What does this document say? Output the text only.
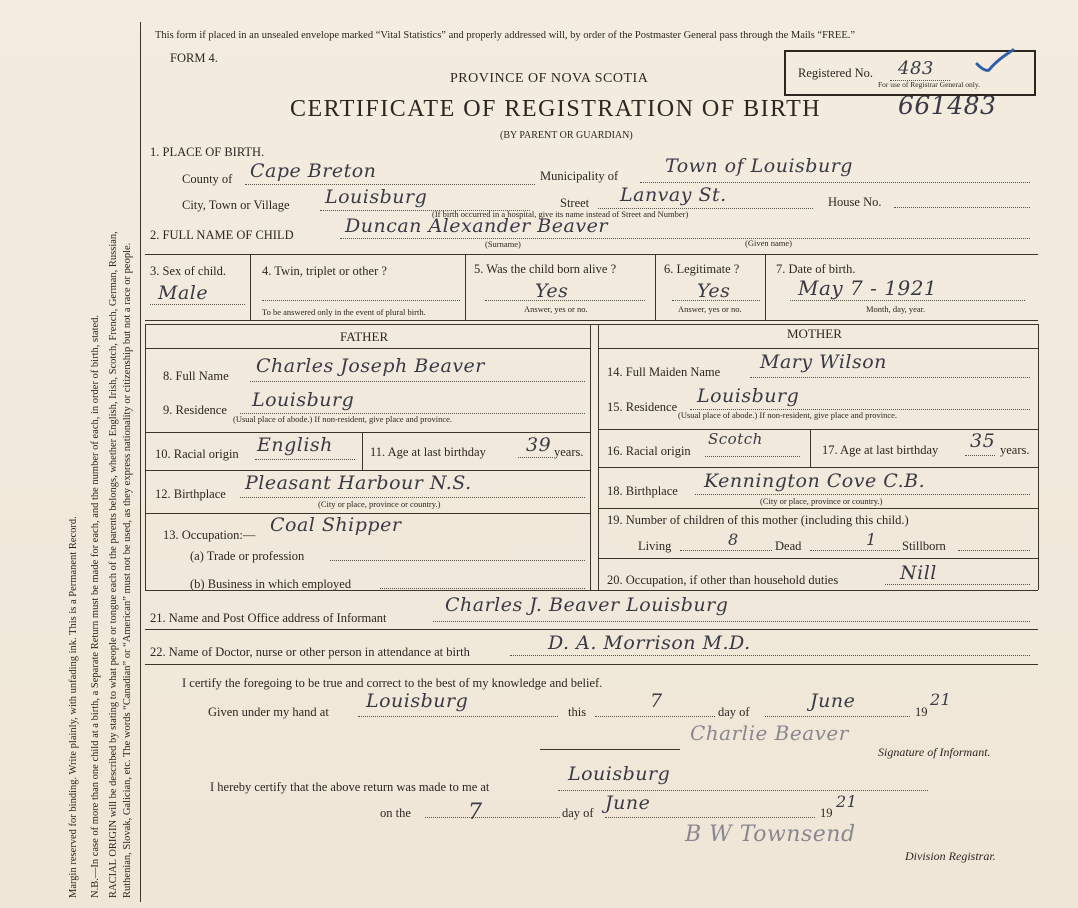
Margin reserved for binding. Write plainly, with unfading ink. This is a Permanent Record. N.B.—In case of more than one child at a birth, a Separate Return must be made for each, and the number of each, in order of birth, stated. RACIAL ORIGIN will be described by stating to what people or tongue each of the parents belongs, whether English, Irish, Scotch, French, German, Russian, Ruthenian, Slovak, Galician, etc. The words “Canadian” or “American” must not be used, as they express nationality or citizenship but not a race or people.
This form if placed in an unsealed envelope marked “Vital Statistics” and properly addressed will, by order of the Postmaster General pass through the Mails “FREE.”
FORM 4.
PROVINCE OF NOVA SCOTIA
CERTIFICATE OF REGISTRATION OF BIRTH	661483
(BY PARENT OR GUARDIAN)
Registered No. 483
For use of Registrar General only.
1. PLACE OF BIRTH.
County of Cape Breton	Municipality of Town of Louisburg
City, Town or Village Louisburg	Street Lanvay St.	House No.
(If birth occurred in a hospital, give its name instead of Street and Number)
2. FULL NAME OF CHILD	Duncan Alexander Beaver
(Surname)	(Given name)
3. Sex of child.
Male
4. Twin, triplet or other ?
To be answered only in the event of plural birth.
5. Was the child born alive ?
Yes
Answer, yes or no.
6. Legitimate ?
Yes
Answer, yes or no.
7. Date of birth.
May 7 - 1921
Month, day, year.
FATHER	MOTHER
8. Full Name Charles Joseph Beaver
9. Residence Louisburg
(Usual place of abode.) If non-resident, give place and province.
10. Racial origin English	11. Age at last birthday 39 years.
12. Birthplace Pleasant Harbour N.S.
(City or place, province or country.)
13. Occupation:— Coal Shipper
(a) Trade or profession
(b) Business in which employed
14. Full Maiden Name Mary Wilson
15. Residence Louisburg
(Usual place of abode.) If non-resident, give place and province.
16. Racial origin
Scotch
17. Age at last birthday 35 years.
18. Birthplace Kennington Cove C.B.
(City or place, province or country.)
19. Number of children of this mother (including this child.)
Living	8	Dead	1 Stillborn
20. Occupation, if other than household duties	Nill
21. Name and Post Office address of Informant
Charles J. Beaver Louisburg
22. Name of Doctor, nurse or other person in attendance at birth	D. A. Morrison M.D.
I certify the foregoing to be true and correct to the best of my knowledge and belief.
Given under my hand at Louisburg	this	7	day of	June	19
21
Charlie Beaver
Signature of Informant.
I hereby certify that the above return was made to me at
Louisburg
on the	7	day of June	19
21
B W Townsend
Division Registrar.
